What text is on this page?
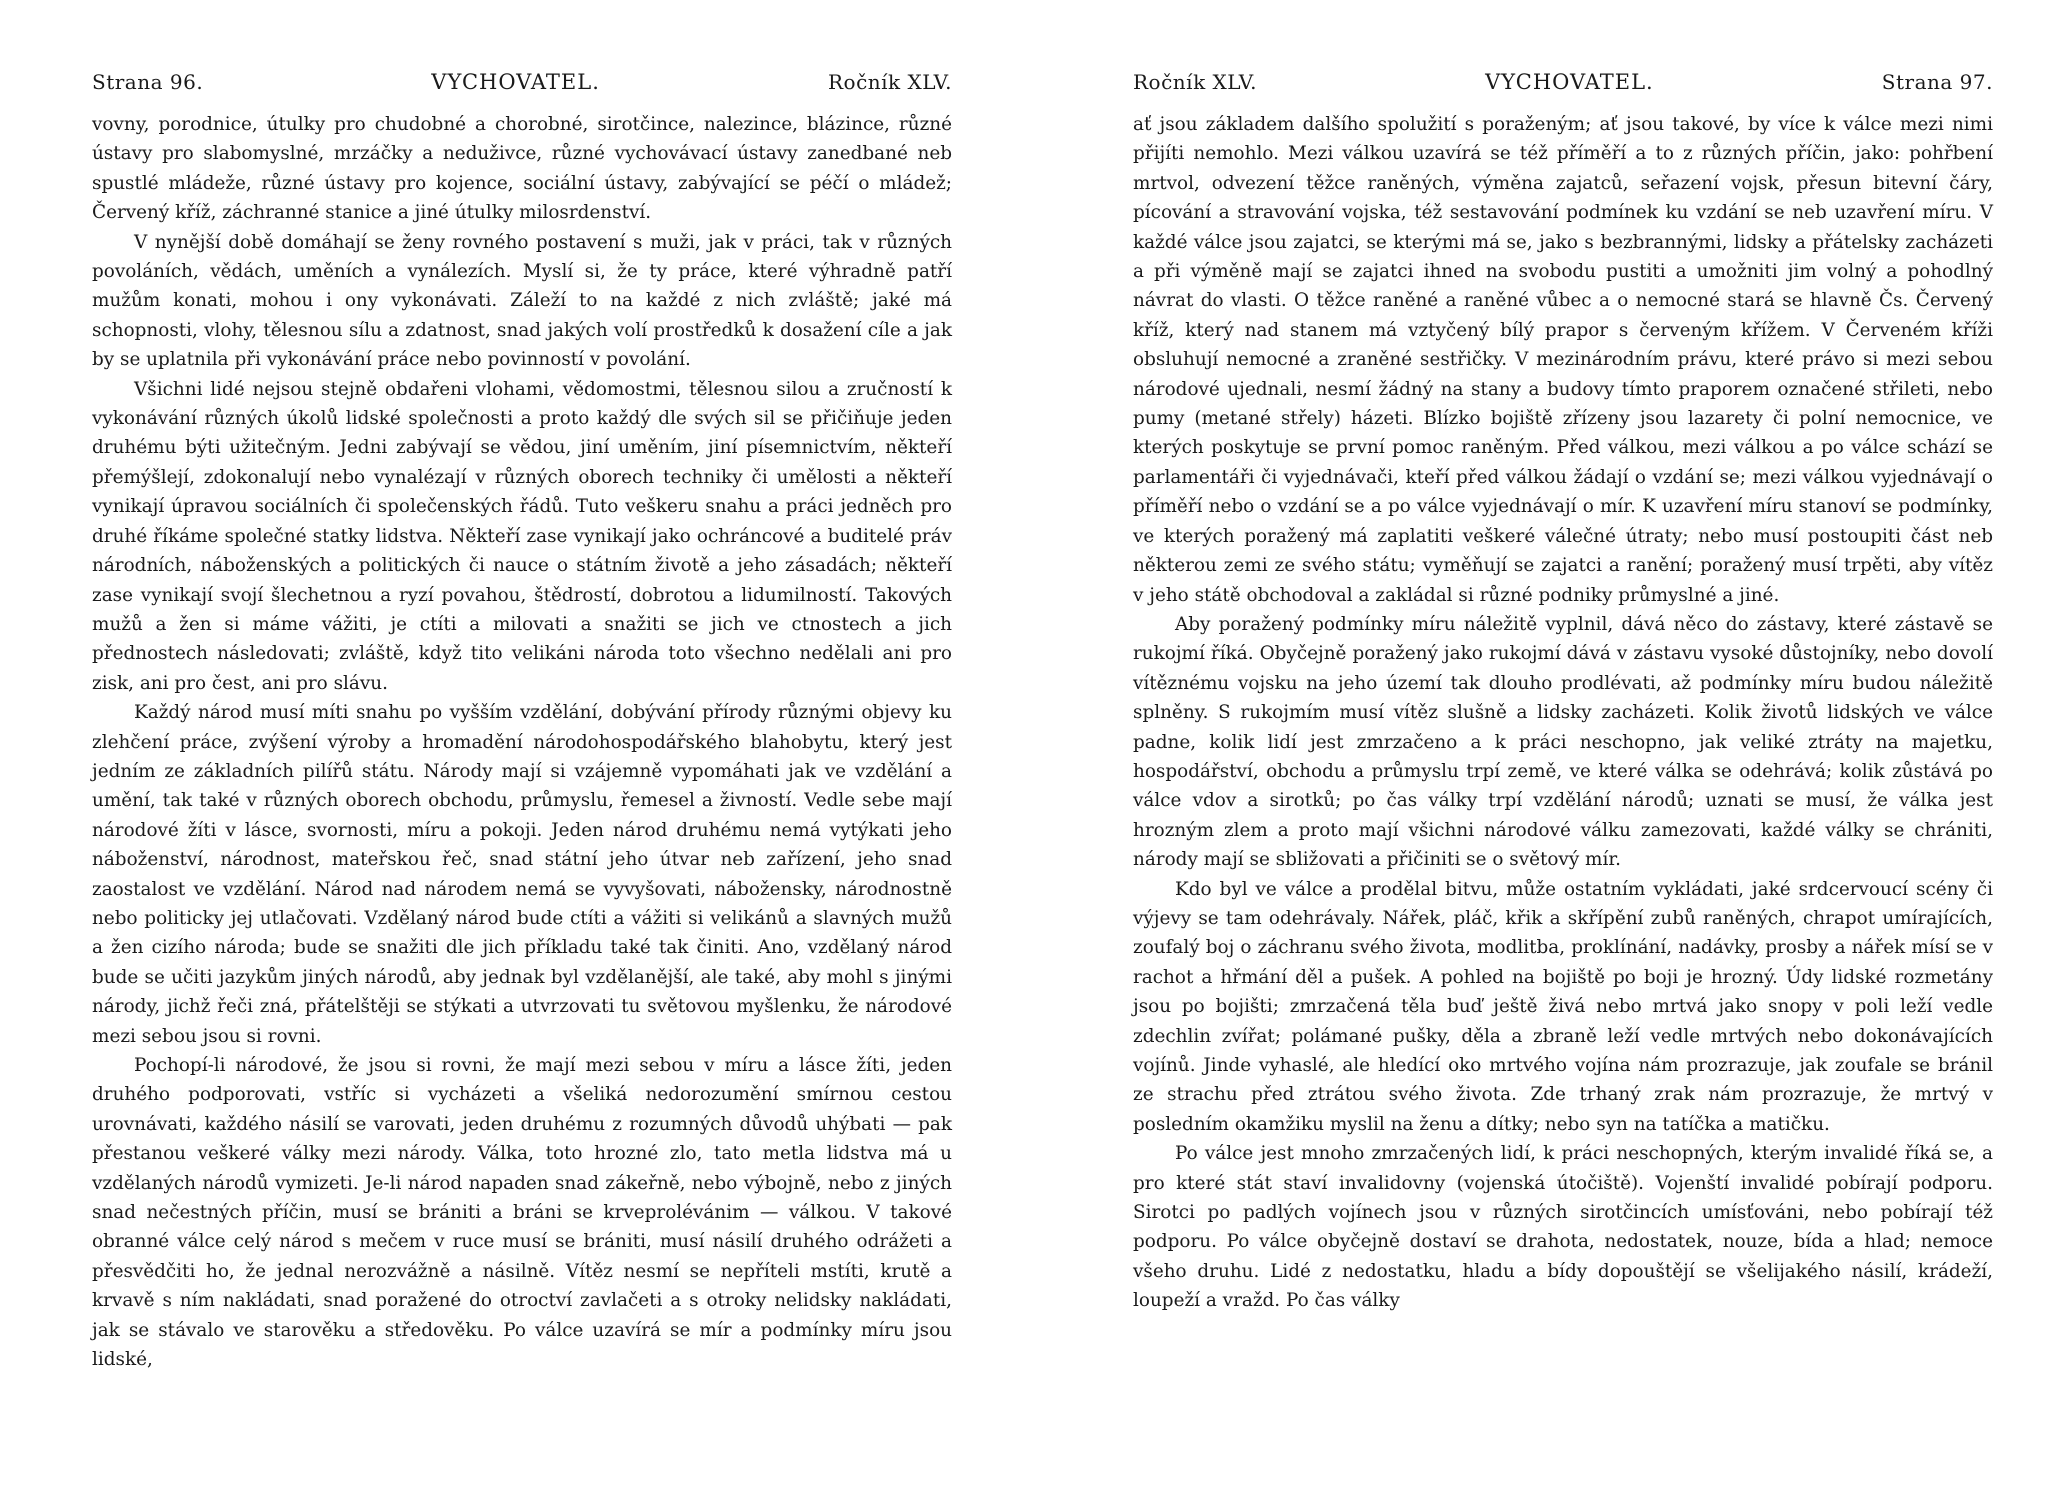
Strana 96.	VYCHOVATEL.	Ročník XLV.

vovny, porodnice, útulky pro chudobné a chorobné, sirotčince, nalezince, blázince, různé ústavy pro slabomyslné, mrzáčky a neduživce, různé vychovávací ústavy zanedbané neb spustlé mládeže, různé ústavy pro kojence, sociální ústavy, zabývající se péčí o mládež; Červený kříž, záchranné stanice a jiné útulky milosrdenství.

V nynější době domáhají se ženy rovného postavení s muži, jak v práci, tak v různých povoláních, vědách, uměních a vynálezích. Myslí si, že ty práce, které výhradně patří mužům konati, mohou i ony vykonávati. Záleží to na každé z nich zvláště; jaké má schopnosti, vlohy, tělesnou sílu a zdatnost, snad jakých volí prostředků k dosažení cíle a jak by se uplatnila při vykonávání práce nebo povinností v povolání.

Všichni lidé nejsou stejně obdařeni vlohami, vědomostmi, tělesnou silou a zručností k vykonávání různých úkolů lidské společnosti a proto každý dle svých sil se přičiňuje jeden druhému býti užitečným. Jedni zabývají se vědou, jiní uměním, jiní písemnictvím, někteří přemýšlejí, zdokonalují nebo vynalézají v různých oborech techniky či umělosti a někteří vynikají úpravou sociálních či společenských řádů. Tuto veškeru snahu a práci jedněch pro druhé říkáme společné statky lidstva. Někteří zase vynikají jako ochráncové a buditelé práv národních, náboženských a politických či nauce o státním životě a jeho zásadách; někteří zase vynikají svojí šlechetnou a ryzí povahou, štědrostí, dobrotou a lidumilností. Takových mužů a žen si máme vážiti, je ctíti a milovati a snažiti se jich ve ctnostech a jich přednostech následovati; zvláště, když tito velikáni národa toto všechno nedělali ani pro zisk, ani pro čest, ani pro slávu.

Každý národ musí míti snahu po vyšším vzdělání, dobývání přírody různými objevy ku zlehčení práce, zvýšení výroby a hromadění národohospodářského blahobytu, který jest jedním ze základních pilířů státu. Národy mají si vzájemně vypomáhati jak ve vzdělání a umění, tak také v různých oborech obchodu, průmyslu, řemesel a živností. Vedle sebe mají národové žíti v lásce, svornosti, míru a pokoji. Jeden národ druhému nemá vytýkati jeho náboženství, národnost, mateřskou řeč, snad státní jeho útvar neb zařízení, jeho snad zaostalost ve vzdělání. Národ nad národem nemá se vyvyšovati, nábožensky, národnostně nebo politicky jej utlačovati. Vzdělaný národ bude ctíti a vážiti si velikánů a slavných mužů a žen cizího národa; bude se snažiti dle jich příkladu také tak činiti. Ano, vzdělaný národ bude se učiti jazykům jiných národů, aby jednak byl vzdělanější, ale také, aby mohl s jinými národy, jichž řeči zná, přátelštěji se stýkati a utvrzovati tu světovou myšlenku, že národové mezi sebou jsou si rovni.

Pochopí-li národové, že jsou si rovni, že mají mezi sebou v míru a lásce žíti, jeden druhého podporovati, vstříc si vycházeti a všeliká nedorozumění smírnou cestou urovnávati, každého násilí se varovati, jeden druhému z rozumných důvodů uhýbati — pak přestanou veškeré války mezi národy. Válka, toto hrozné zlo, tato metla lidstva má u vzdělaných národů vymizeti. Je-li národ napaden snad zákeřně, nebo výbojně, nebo z jiných snad nečestných příčin, musí se brániti a bráni se krveprolévánim — válkou. V takové obranné válce celý národ s mečem v ruce musí se brániti, musí násilí druhého odrážeti a přesvědčiti ho, že jednal nerozvážně a násilně. Vítěz nesmí se nepříteli mstíti, krutě a krvavě s ním nakládati, snad poražené do otroctví zavlačeti a s otroky nelidsky nakládati, jak se stávalo ve starověku a středověku. Po válce uzavírá se mír a podmínky míru jsou lidské,

Ročník XLV.	VYCHOVATEL.	Strana 97.

ať jsou základem dalšího spolužití s poraženým; ať jsou takové, by více k válce mezi nimi přijíti nemohlo. Mezi válkou uzavírá se též příměří a to z různých příčin, jako: pohřbení mrtvol, odvezení těžce raněných, výměna zajatců, seřazení vojsk, přesun bitevní čáry, pícování a stravování vojska, též sestavování podmínek ku vzdání se neb uzavření míru. V každé válce jsou zajatci, se kterými má se, jako s bezbrannými, lidsky a přátelsky zacházeti a při výměně mají se zajatci ihned na svobodu pustiti a umožniti jim volný a pohodlný návrat do vlasti. O těžce raněné a raněné vůbec a o nemocné stará se hlavně Čs. Červený kříž, který nad stanem má vztyčený bílý prapor s červeným křížem. V Červeném kříži obsluhují nemocné a zraněné sestřičky. V mezinárodním právu, které právo si mezi sebou národové ujednali, nesmí žádný na stany a budovy tímto praporem označené střileti, nebo pumy (metané střely) házeti. Blízko bojiště zřízeny jsou lazarety či polní nemocnice, ve kterých poskytuje se první pomoc raněným. Před válkou, mezi válkou a po válce schází se parlamentáři či vyjednávači, kteří před válkou žádají o vzdání se; mezi válkou vyjednávají o příměří nebo o vzdání se a po válce vyjednávají o mír. K uzavření míru stanoví se podmínky, ve kterých poražený má zaplatiti veškeré válečné útraty; nebo musí postoupiti část neb některou zemi ze svého státu; vyměňují se zajatci a ranění; poražený musí trpěti, aby vítěz v jeho státě obchodoval a zakládal si různé podniky průmyslné a jiné.

Aby poražený podmínky míru náležitě vyplnil, dává něco do zástavy, které zástavě se rukojmí říká. Obyčejně poražený jako rukojmí dává v zástavu vysoké důstojníky, nebo dovolí vítěznému vojsku na jeho území tak dlouho prodlévati, až podmínky míru budou náležitě splněny. S rukojmím musí vítěz slušně a lidsky zacházeti. Kolik životů lidských ve válce padne, kolik lidí jest zmrzačeno a k práci neschopno, jak veliké ztráty na majetku, hospodářství, obchodu a průmyslu trpí země, ve které válka se odehrává; kolik zůstává po válce vdov a sirotků; po čas války trpí vzdělání národů; uznati se musí, že válka jest hrozným zlem a proto mají všichni národové válku zamezovati, každé války se chrániti, národy mají se sbližovati a přičiniti se o světový mír.

Kdo byl ve válce a prodělal bitvu, může ostatním vykládati, jaké srdcervoucí scény či výjevy se tam odehrávaly. Nářek, pláč, křik a skřípění zubů raněných, chrapot umírajících, zoufalý boj o záchranu svého života, modlitba, proklínání, nadávky, prosby a nářek mísí se v rachot a hřmání děl a pušek. A pohled na bojiště po boji je hrozný. Údy lidské rozmetány jsou po bojišti; zmrzačená těla buď ještě živá nebo mrtvá jako snopy v poli leží vedle zdechlin zvířat; polámané pušky, děla a zbraně leží vedle mrtvých nebo dokonávajících vojínů. Jinde vyhaslé, ale hledící oko mrtvého vojína nám prozrazuje, jak zoufale se bránil ze strachu před ztrátou svého života. Zde trhaný zrak nám prozrazuje, že mrtvý v posledním okamžiku myslil na ženu a dítky; nebo syn na tatíčka a matičku.

Po válce jest mnoho zmrzačených lidí, k práci neschopných, kterým invalidé říká se, a pro které stát staví invalidovny (vojenská útočiště). Vojenští invalidé pobírají podporu. Sirotci po padlých vojínech jsou v různých sirotčincích umísťováni, nebo pobírají též podporu. Po válce obyčejně dostaví se drahota, nedostatek, nouze, bída a hlad; nemoce všeho druhu. Lidé z nedostatku, hladu a bídy dopouštějí se všelijakého násilí, krádeží, loupeží a vražd. Po čas války
